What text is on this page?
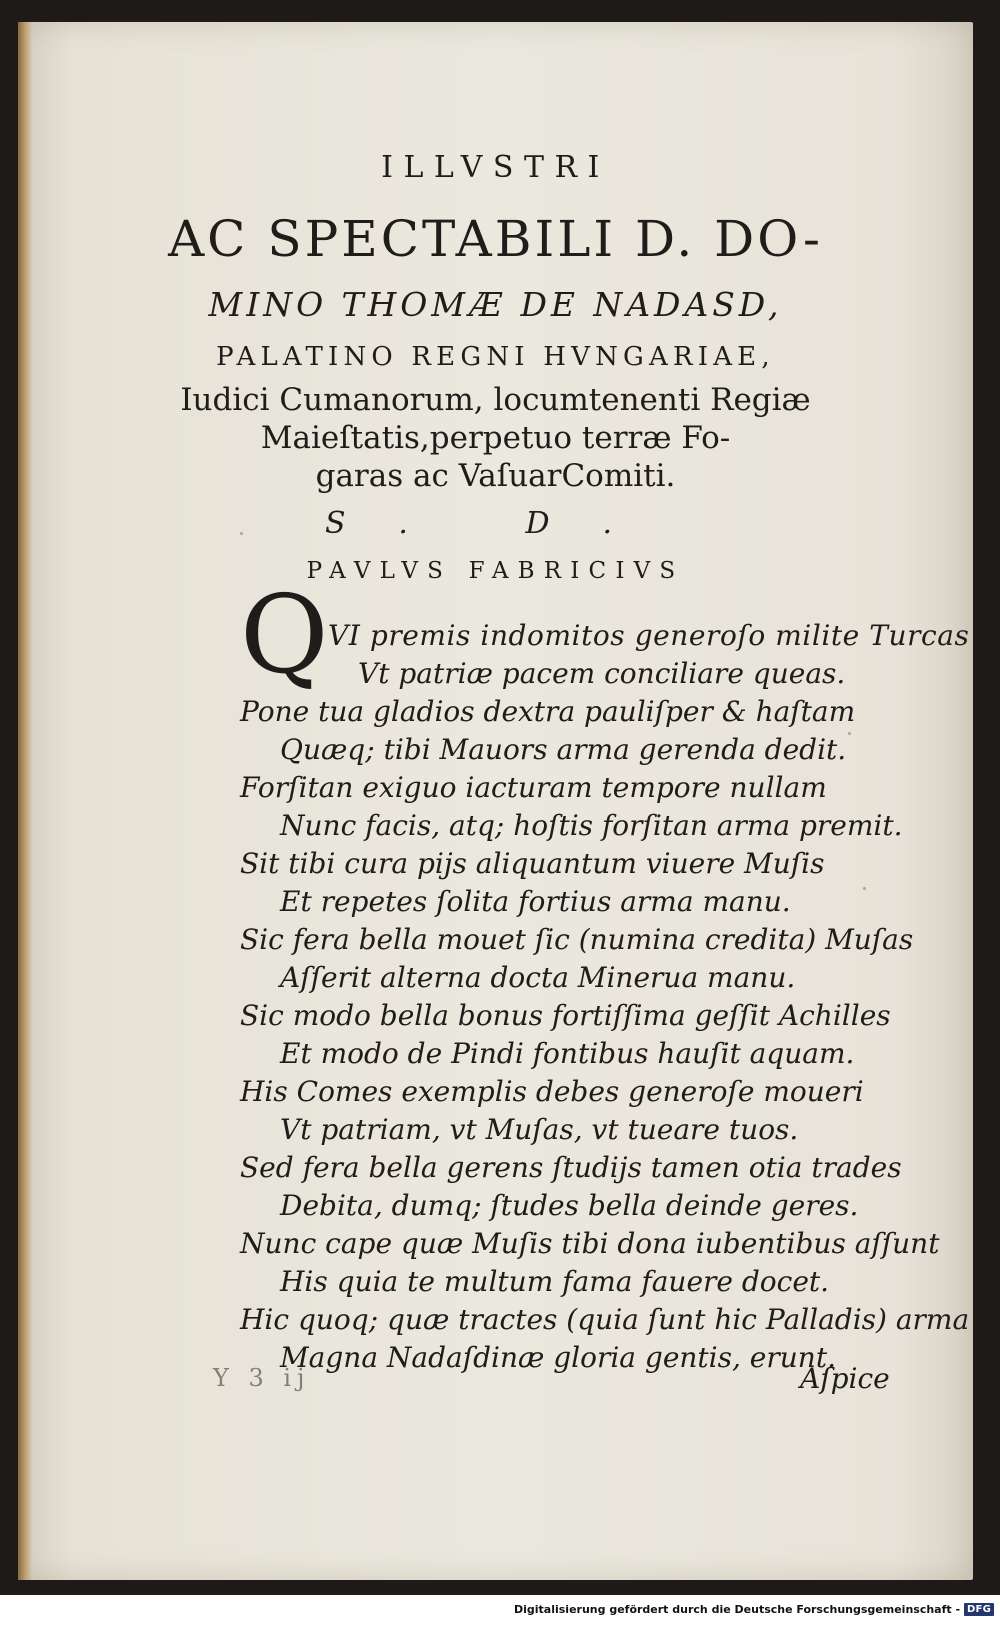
ILLVSTRI
AC SPECTABILI D. DO-
MINO THOMÆ DE NADASD,
PALATINO REGNI HVNGARIAE,
Iudici Cumanorum, locumtenenti Regiæ
Maieſtatis,perpetuo terræ Fo-
garas ac VaſuarComiti.
S. D.
PAVLVS FABRICIVS
Q VI premis indomitos generoſo milite Turcas
Vt patriæ pacem conciliare queas.
Pone tua gladios dextra pauliſper & haſtam
Quæq; tibi Mauors arma gerenda dedit.
Forſitan exiguo iacturam tempore nullam
Nunc facis, atq; hoſtis forſitan arma premit.
Sit tibi cura pijs aliquantum viuere Muſis
Et repetes ſolita fortius arma manu.
Sic fera bella mouet ſic (numina credita) Muſas
Aſſerit alterna docta Minerua manu.
Sic modo bella bonus fortiſſima geſſit Achilles
Et modo de Pindi fontibus hauſit aquam.
His Comes exemplis debes generoſe moueri
Vt patriam, vt Muſas, vt tueare tuos.
Sed fera bella gerens ſtudijs tamen otia trades
Debita, dumq; ſtudes bella deinde geres.
Nunc cape quæ Muſis tibi dona iubentibus aſſunt
His quia te multum fama fauere docet.
Hic quoq; quæ tractes (quia ſunt hic Palladis) arma
Magna Nadaſdinæ gloria gentis, erunt.
Y 3 ij	Aſpice
Digitalisierung gefördert durch die Deutsche Forschungsgemeinschaft - DFG
